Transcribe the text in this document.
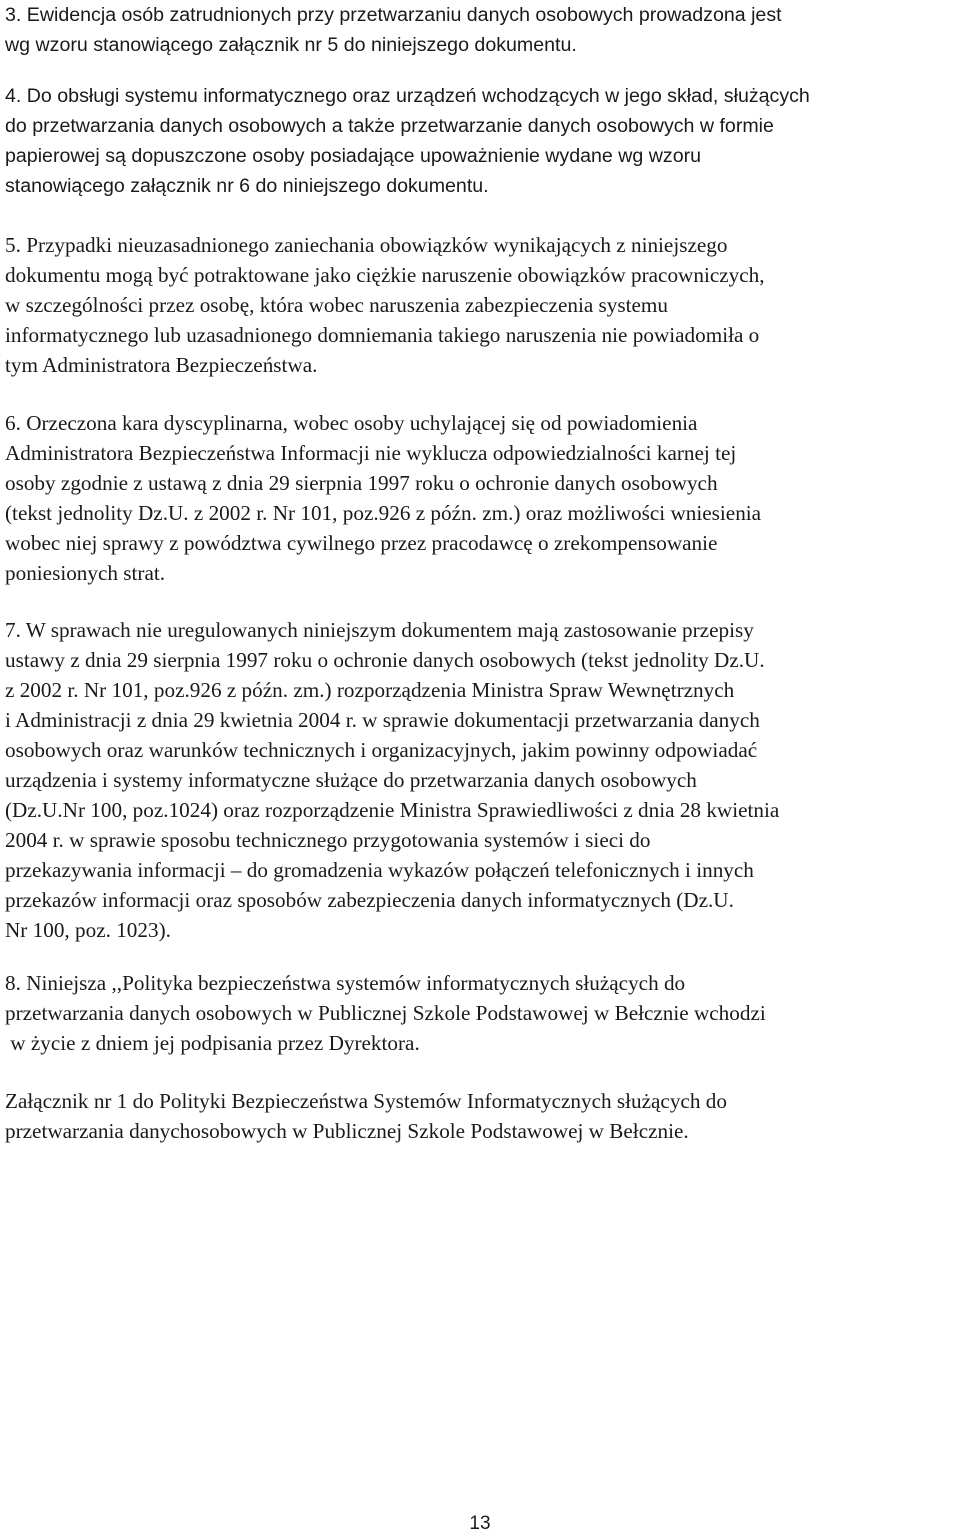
3. Ewidencja osób zatrudnionych przy przetwarzaniu danych osobowych prowadzona jest
wg wzoru stanowiącego załącznik nr 5 do niniejszego dokumentu.
4. Do obsługi systemu informatycznego oraz urządzeń wchodzących w jego skład, służących
do przetwarzania danych osobowych a także przetwarzanie danych osobowych w formie
papierowej są dopuszczone osoby posiadające upoważnienie wydane wg wzoru
stanowiącego załącznik nr 6 do niniejszego dokumentu.
5. Przypadki nieuzasadnionego zaniechania obowiązków wynikających z niniejszego
dokumentu mogą być potraktowane jako ciężkie naruszenie obowiązków pracowniczych,
w szczególności przez osobę, która wobec naruszenia zabezpieczenia systemu
informatycznego lub uzasadnionego domniemania takiego naruszenia nie powiadomiła o
tym Administratora Bezpieczeństwa.
6. Orzeczona kara dyscyplinarna, wobec osoby uchylającej się od powiadomienia
Administratora Bezpieczeństwa Informacji nie wyklucza odpowiedzialności karnej tej
osoby zgodnie z ustawą z dnia 29 sierpnia 1997 roku o ochronie danych osobowych
(tekst jednolity Dz.U. z 2002 r. Nr 101, poz.926 z późn. zm.) oraz możliwości wniesienia
wobec niej sprawy z powództwa cywilnego przez pracodawcę o zrekompensowanie
poniesionych strat.
7. W sprawach nie uregulowanych niniejszym dokumentem mają zastosowanie przepisy
ustawy z dnia 29 sierpnia 1997 roku o ochronie danych osobowych (tekst jednolity Dz.U.
z 2002 r. Nr 101, poz.926 z późn. zm.) rozporządzenia Ministra Spraw Wewnętrznych
i Administracji z dnia 29 kwietnia 2004 r. w sprawie dokumentacji przetwarzania danych
osobowych oraz warunków technicznych i organizacyjnych, jakim powinny odpowiadać
urządzenia i systemy informatyczne służące do przetwarzania danych osobowych
(Dz.U.Nr 100, poz.1024) oraz rozporządzenie Ministra Sprawiedliwości z dnia 28 kwietnia
2004 r. w sprawie sposobu technicznego przygotowania systemów i sieci do
przekazywania informacji – do gromadzenia wykazów połączeń telefonicznych i innych
przekazów informacji oraz sposobów zabezpieczenia danych informatycznych (Dz.U.
Nr 100, poz. 1023).
8. Niniejsza ,,Polityka bezpieczeństwa systemów informatycznych służących do
przetwarzania danych osobowych w Publicznej Szkole Podstawowej w Bełcznie wchodzi
w życie z dniem jej podpisania przez Dyrektora.
Załącznik nr 1 do Polityki Bezpieczeństwa Systemów Informatycznych służących do
przetwarzania danychosobowych w Publicznej Szkole Podstawowej w Bełcznie.
13
